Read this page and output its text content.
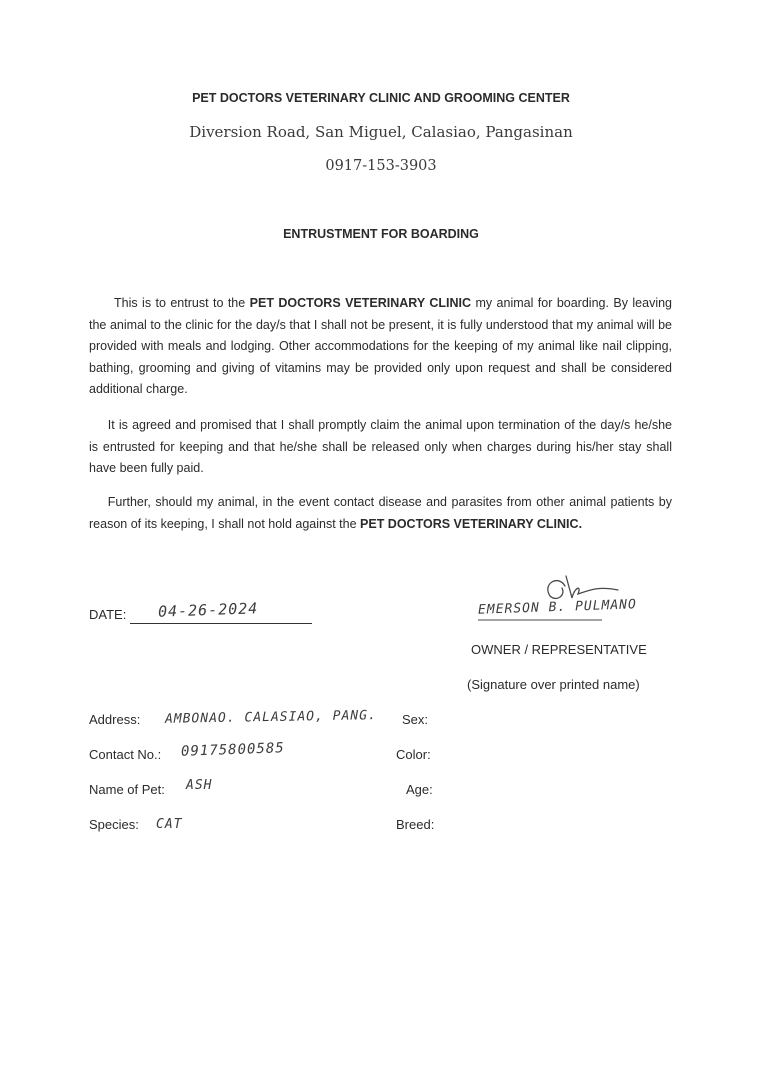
PET DOCTORS VETERINARY CLINIC AND GROOMING CENTER
Diversion Road, San Miguel, Calasiao, Pangasinan
0917-153-3903
ENTRUSTMENT FOR BOARDING

  This is to entrust to the PET DOCTORS VETERINARY CLINIC my animal for boarding. By leaving the animal to the clinic for the day/s that I shall not be present, it is fully understood that my animal will be provided with meals and lodging. Other accommodations for the keeping of my animal like nail clipping, bathing, grooming and giving of vitamins may be provided only upon request and shall be considered additional charge.

  It is agreed and promised that I shall promptly claim the animal upon termination of the day/s he/she is entrusted for keeping and that he/she shall be released only when charges during his/her stay shall have been fully paid.

  Further, should my animal, in the event contact disease and parasites from other animal patients by reason of its keeping, I shall not hold against the PET DOCTORS VETERINARY CLINIC.

DATE: 04-26-2024	EMERSON B. PULMANO
OWNER / REPRESENTATIVE
(Signature over printed name)
Address: AMBONAO. CALASIAO, PANG.
Contact No.: 09175800585
Name of Pet: ASH
Species: CAT
Sex:
Color:
Age:
Breed:
